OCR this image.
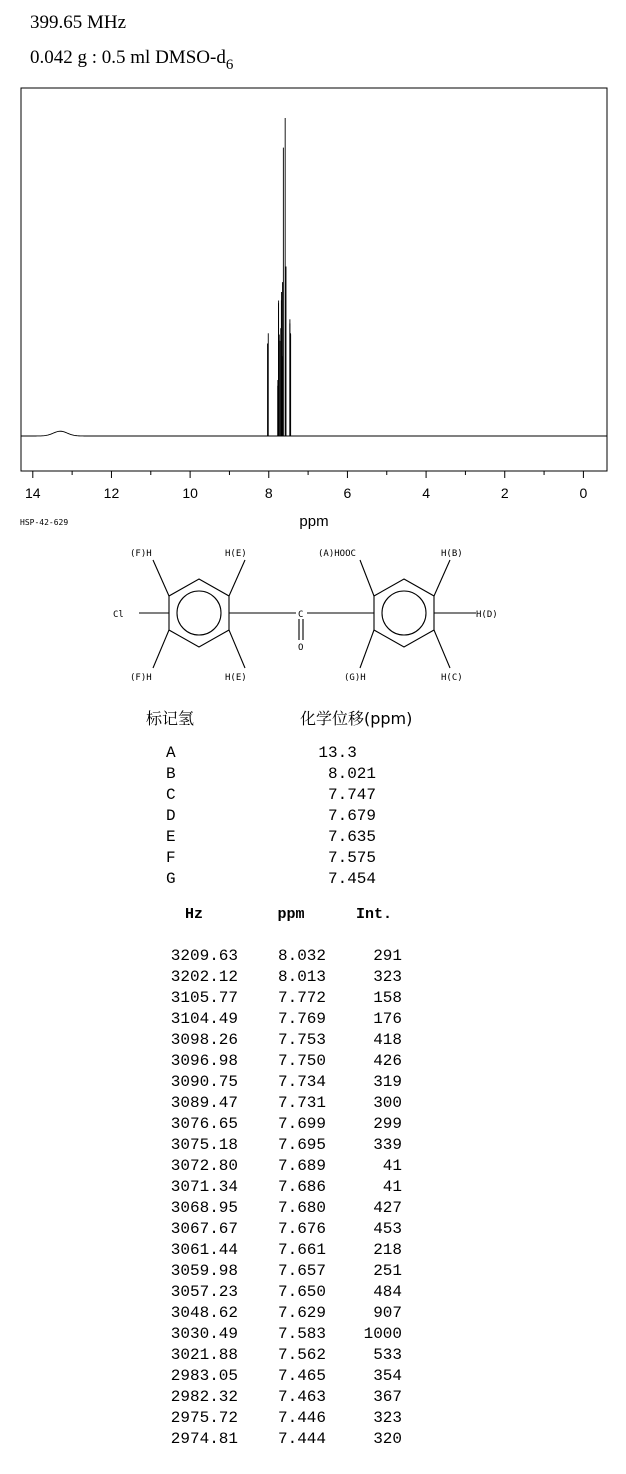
399.65 MHz
0.042 g : 0.5 ml DMSO-$d_6$
14	12	10	8	6	4	2	0
ppm
HSP-42-629
(F)H	H(E)	(A)HOOC	H(B)
Cl	C
O
H(D)
(F)H	H(E)	(G)H	H(C)
标记氢	化学位移(ppm)
A	13.3
B	8.021
C	7.747
D	7.679
E	7.635
F	7.575
G	7.454
Hz	ppm	Int.
3209.63	8.032	291
3202.12	8.013	323
3105.77	7.772	158
3104.49	7.769	176
3098.26	7.753	418
3096.98	7.750	426
3090.75	7.734	319
3089.47	7.731	300
3076.65	7.699	299
3075.18	7.695	339
3072.80	7.689	41
3071.34	7.686	41
3068.95	7.680	427
3067.67	7.676	453
3061.44	7.661	218
3059.98	7.657	251
3057.23	7.650	484
3048.62	7.629	907
3030.49	7.583	1000
3021.88	7.562	533
2983.05	7.465	354
2982.32	7.463	367
2975.72	7.446	323
2974.81	7.444	320
